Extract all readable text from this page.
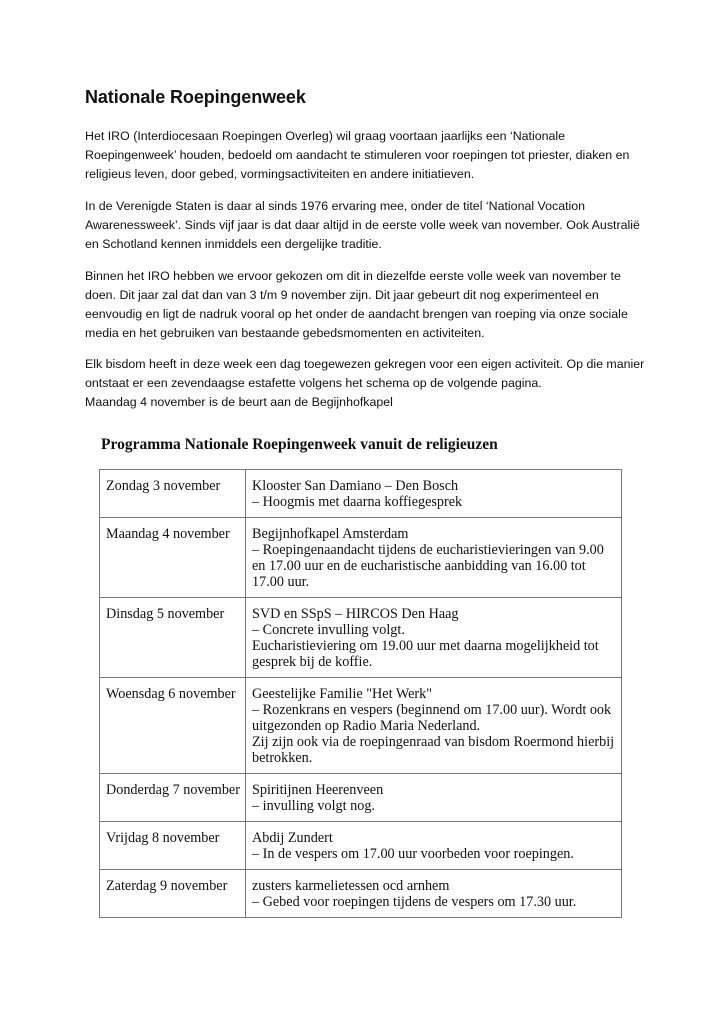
Nationale Roepingenweek
Het IRO (Interdiocesaan Roepingen Overleg) wil graag voortaan jaarlijks een ‘Nationale
Roepingenweek’ houden, bedoeld om aandacht te stimuleren voor roepingen tot priester, diaken en
religieus leven, door gebed, vormingsactiviteiten en andere initiatieven.
In de Verenigde Staten is daar al sinds 1976 ervaring mee, onder de titel ‘National Vocation
Awarenessweek’. Sinds vijf jaar is dat daar altijd in de eerste volle week van november. Ook Australië
en Schotland kennen inmiddels een dergelijke traditie.
Binnen het IRO hebben we ervoor gekozen om dit in diezelfde eerste volle week van november te
doen. Dit jaar zal dat dan van 3 t/m 9 november zijn. Dit jaar gebeurt dit nog experimenteel en
eenvoudig en ligt de nadruk vooral op het onder de aandacht brengen van roeping via onze sociale
media en het gebruiken van bestaande gebedsmomenten en activiteiten.
Elk bisdom heeft in deze week een dag toegewezen gekregen voor een eigen activiteit. Op die manier
ontstaat er een zevendaagse estafette volgens het schema op de volgende pagina.
Maandag 4 november is de beurt aan de Begijnhofkapel
Programma Nationale Roepingenweek vanuit de religieuzen
Zondag 3 november	Klooster San Damiano – Den Bosch
– Hoogmis met daarna koffiegesprek

Maandag 4 november	Begijnhofkapel Amsterdam
– Roepingenaandacht tijdens de eucharistievieringen van 9.00
en 17.00 uur en de eucharistische aanbidding van 16.00 tot
17.00 uur.

Dinsdag 5 november	SVD en SSpS – HIRCOS Den Haag
– Concrete invulling volgt.
Eucharistieviering om 19.00 uur met daarna mogelijkheid tot
gesprek bij de koffie.

Woensdag 6 november	Geestelijke Familie "Het Werk"
– Rozenkrans en vespers (beginnend om 17.00 uur). Wordt ook
uitgezonden op Radio Maria Nederland.
Zij zijn ook via de roepingenraad van bisdom Roermond hierbij
betrokken.

Donderdag 7 november	Spiritijnen Heerenveen
– invulling volgt nog.

Vrijdag 8 november	Abdij Zundert
– In de vespers om 17.00 uur voorbeden voor roepingen.

Zaterdag 9 november	zusters karmelietessen ocd arnhem
– Gebed voor roepingen tijdens de vespers om 17.30 uur.
